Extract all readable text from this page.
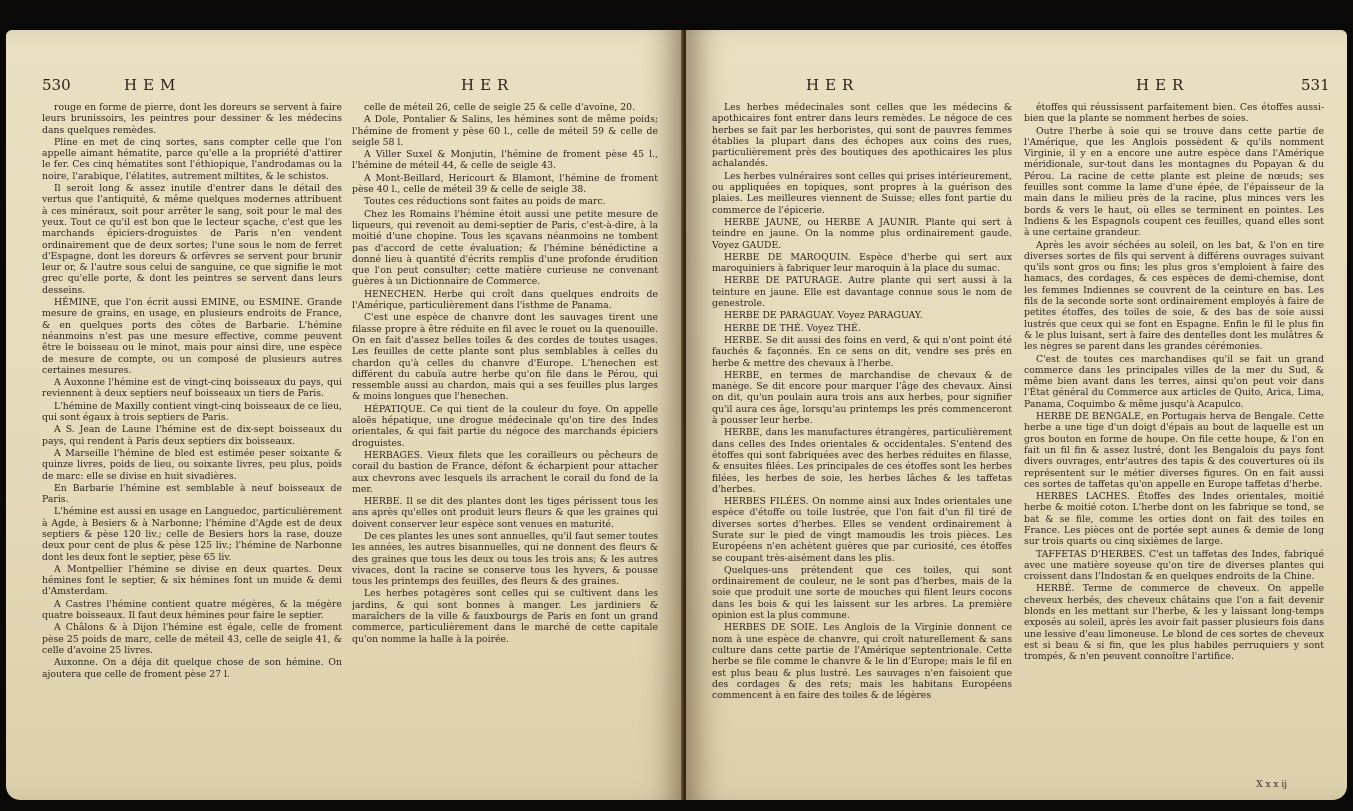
530	HEM	HER

rouge en forme de pierre, dont les doreurs se servent à faire leurs brunissoirs, les peintres pour dessiner & les médecins dans quelques remèdes.

Pline en met de cinq sortes, sans compter celle que l'on appelle aimant hématite, parce qu'elle a la propriété d'attirer le fer. Ces cinq hématites sont l'éthiopique, l'androdamas ou la noire, l'arabique, l'élatites, autrement miltites, & le schistos.

Il seroit long & assez inutile d'entrer dans le détail des vertus que l'antiquité, & même quelques modernes attribuent à ces minéraux, soit pour arrêter le sang, soit pour le mal des yeux. Tout ce qu'il est bon que le lecteur sçache, c'est que les marchands épiciers-droguistes de Paris n'en vendent ordinairement que de deux sortes; l'une sous le nom de ferret d'Espagne, dont les doreurs & orfèvres se servent pour brunir leur or, & l'autre sous celui de sanguine, ce que signifie le mot grec qu'elle porte, & dont les peintres se servent dans leurs desseins.

HÉMINE, que l'on écrit aussi EMINE, ou ESMINE. Grande mesure de grains, en usage, en plusieurs endroits de France, & en quelques ports des côtes de Barbarie. L'hémine néanmoins n'est pas une mesure effective, comme peuvent être le boisseau ou le minot, mais pour ainsi dire, une espèce de mesure de compte, ou un composé de plusieurs autres certaines mesures.

A Auxonne l'hémine est de vingt-cinq boisseaux du pays, qui reviennent à deux septiers neuf boisseaux un tiers de Paris.

L'hémine de Maxilly contient vingt-cinq boisseaux de ce lieu, qui sont égaux à trois septiers de Paris.

A S. Jean de Laune l'hémine est de dix-sept boisseaux du pays, qui rendent à Paris deux septiers dix boisseaux.

A Marseille l'hémine de bled est estimée peser soixante & quinze livres, poids de lieu, ou soixante livres, peu plus, poids de marc: elle se divise en huit sivadières.

En Barbarie l'hémine est semblable à neuf boisseaux de Paris.

L'hémine est aussi en usage en Languedoc, particulièrement à Agde, à Besiers & à Narbonne; l'hémine d'Agde est de deux septiers & pèse 120 liv.; celle de Besiers hors la rase, douze deux pour cent de plus & pèse 125 liv.; l'hémine de Narbonne dont les deux font le septier, pèse 65 liv.

A Montpellier l'hémine se divise en deux quartes. Deux hémines font le septier, & six hémines font un muide & demi d'Amsterdam.

A Castres l'hémine contient quatre mégères, & la mégère quatre boisseaux. Il faut deux hémines pour faire le septier.

A Châlons & à Dijon l'hémine est égale, celle de froment pèse 25 poids de marc, celle de méteil 43, celle de seigle 41, & celle d'avoine 25 livres.

Auxonne. On a déja dit quelque chose de son hémine. On ajoutera que celle de froment pèse 27 l.

celle de méteil 26, celle de seigle 25 & celle d'avoine, 20.

A Dole, Pontalier & Salins, les hémines sont de même poids; l'hémine de froment y pèse 60 l., celle de méteil 59 & celle de seigle 58 l.

A Viller Suxel & Monjutin, l'hémine de froment pèse 45 l., l'hémine de méteil 44, & celle de seigle 43.

A Mont-Beillard, Hericourt & Blamont, l'hémine de froment pèse 40 l., celle de méteil 39 & celle de seigle 38.

Toutes ces réductions sont faites au poids de marc.

Chez les Romains l'hémine étoit aussi une petite mesure de liqueurs, qui revenoit au demi-septier de Paris, c'est-à-dire, à la moitié d'une chopine. Tous les sçavans néanmoins ne tombent pas d'accord de cette évaluation; & l'hémine bénédictine a donné lieu à quantité d'écrits remplis d'une profonde érudition que l'on peut consulter; cette matière curieuse ne convenant guères à un Dictionnaire de Commerce.

HENECHEN. Herbe qui croît dans quelques endroits de l'Amérique, particulièrement dans l'isthme de Panama.

C'est une espèce de chanvre dont les sauvages tirent une filasse propre à être réduite en fil avec le rouet ou la quenouille. On en fait d'assez belles toiles & des cordes de toutes usages. Les feuilles de cette plante sont plus semblables à celles du chardon qu'à celles du chanvre d'Europe. L'henechen est différent du cabuïa autre herbe qu'on file dans le Pérou, qui ressemble aussi au chardon, mais qui a ses feuilles plus larges & moins longues que l'henechen.

HÉPATIQUE. Ce qui tient de la couleur du foye. On appelle aloës hépatique, une drogue médecinale qu'on tire des Indes orientales, & qui fait partie du négoce des marchands épiciers droguistes.

HERBAGES. Vieux filets que les corailleurs ou pêcheurs de corail du bastion de France, défont & écharpient pour attacher aux chevrons avec lesquels ils arrachent le corail du fond de la mer.

HERBE. Il se dit des plantes dont les tiges périssent tous les ans après qu'elles ont produit leurs fleurs & que les graines qui doivent conserver leur espèce sont venues en maturité.

De ces plantes les unes sont annuelles, qu'il faut semer toutes les années, les autres bisannuelles, qui ne donnent des fleurs & des graines que tous les deux ou tous les trois ans; & les autres vivaces, dont la racine se conserve tous les hyvers, & pousse tous les printemps des feuilles, des fleurs & des graines.

Les herbes potagères sont celles qui se cultivent dans les jardins, & qui sont bonnes à manger. Les jardiniers & maraîchers de la ville & fauxbourgs de Paris en font un grand commerce, particulièrement dans le marché de cette capitale qu'on nomme la halle à la poirée.

HER	HER	531

Les herbes médecinales sont celles que les médecins & apothicaires font entrer dans leurs remèdes. Le négoce de ces herbes se fait par les herboristes, qui sont de pauvres femmes établies la plupart dans des échopes aux coins des rues, particulièrement près des boutiques des apothicaires les plus achalandés.

Les herbes vulnéraires sont celles qui prises intérieurement, ou appliquées en topiques, sont propres à la guérison des plaies. Les meilleures viennent de Suisse; elles font partie du commerce de l'épicerie.

HERBE JAUNE, ou HERBE A JAUNIR. Plante qui sert à teindre en jaune. On la nomme plus ordinairement gaude. Voyez GAUDE.

HERBE DE MAROQUIN. Espèce d'herbe qui sert aux maroquiniers à fabriquer leur maroquin à la place du sumac.

HERBE DE PATURAGE. Autre plante qui sert aussi à la teinture en jaune. Elle est davantage connue sous le nom de genestrole.

HERBE DE PARAGUAY. Voyez PARAGUAY.

HERBE DE THÉ. Voyez THÉ.

HERBE. Se dit aussi des foins en verd, & qui n'ont point été fauchés & façonnés. En ce sens on dit, vendre ses prés en herbe & mettre des chevaux à l'herbe.

HERBE, en termes de marchandise de chevaux & de manège. Se dit encore pour marquer l'âge des chevaux. Ainsi on dit, qu'un poulain aura trois ans aux herbes, pour signifier qu'il aura ces âge, lorsqu'au printemps les prés commenceront à pousser leur herbe.

HERBE, dans les manufactures étrangères, particulièrement dans celles des Indes orientales & occidentales. S'entend des étoffes qui sont fabriquées avec des herbes réduites en filasse, & ensuites filées. Les principales de ces étoffes sont les herbes filées, les herbes de soie, les herbes lâches & les taffetas d'herbes.

HERBES FILÉES. On nomme ainsi aux Indes orientales une espèce d'étoffe ou toile lustrée, que l'on fait d'un fil tiré de diverses sortes d'herbes. Elles se vendent ordinairement à Surate sur le pied de vingt mamoudis les trois pièces. Les Européens n'en achètent guères que par curiosité, ces étoffes se coupant très-aisément dans les plis.

Quelques-uns prétendent que ces toiles, qui sont ordinairement de couleur, ne le sont pas d'herbes, mais de la soie que produit une sorte de mouches qui filent leurs cocons dans les bois & qui les laissent sur les arbres. La première opinion est la plus commune.

HERBES DE SOIE. Les Anglois de la Virginie donnent ce nom à une espèce de chanvre, qui croît naturellement & sans culture dans cette partie de l'Amérique septentrionale. Cette herbe se file comme le chanvre & le lin d'Europe; mais le fil en est plus beau & plus lustré. Les sauvages n'en faisoient que des cordages & des rets; mais les habitans Européens commencent à en faire des toiles & de légères

étoffes qui réussissent parfaitement bien. Ces étoffes aussi-bien que la plante se nomment herbes de soies.

Outre l'herbe à soie qui se trouve dans cette partie de l'Amérique, que les Anglois possèdent & qu'ils nomment Virginie, il y en a encore une autre espèce dans l'Amérique méridionale, sur-tout dans les montagnes du Popayan & du Pérou. La racine de cette plante est pleine de nœuds; ses feuilles sont comme la lame d'une épée, de l'épaisseur de la main dans le milieu près de la racine, plus minces vers les bords & vers le haut, où elles se terminent en pointes. Les Indiens & les Espagnols coupent ces feuilles, quand elles sont à une certaine grandeur.

Après les avoir séchées au soleil, on les bat, & l'on en tire diverses sortes de fils qui servent à différens ouvrages suivant qu'ils sont gros ou fins; les plus gros s'emploient à faire des hamacs, des cordages, & ces espèces de demi-chemise, dont les femmes Indiennes se couvrent de la ceinture en bas. Les fils de la seconde sorte sont ordinairement employés à faire de petites étoffes, des toiles de soie, & des bas de soie aussi lustrés que ceux qui se font en Espagne. Enfin le fil le plus fin & le plus luisant, sert à faire des dentelles dont les mulâtres & les nègres se parent dans les grandes cérémonies.

C'est de toutes ces marchandises qu'il se fait un grand commerce dans les principales villes de la mer du Sud, & même bien avant dans les terres, ainsi qu'on peut voir dans l'État général du Commerce aux articles de Quito, Arica, Lima, Panama, Coquimbo & même jusqu'à Acapulco.

HERBE DE BENGALE, en Portugais herva de Bengale. Cette herbe a une tige d'un doigt d'épais au bout de laquelle est un gros bouton en forme de houpe. On file cette houpe, & l'on en fait un fil fin & assez lustré, dont les Bengalois du pays font divers ouvrages, entr'autres des tapis & des couvertures où ils représentent sur le métier diverses figures. On en fait aussi ces sortes de taffetas qu'on appelle en Europe taffetas d'herbe.

HERBES LACHES. Étoffes des Indes orientales, moitié herbe & moitié coton. L'herbe dont on les fabrique se tond, se bat & se file, comme les orties dont on fait des toiles en France. Les pièces ont de portée sept aunes & demie de long sur trois quarts ou cinq sixièmes de large.

TAFFETAS D'HERBES. C'est un taffetas des Indes, fabriqué avec une matière soyeuse qu'on tire de diverses plantes qui croissent dans l'Indostan & en quelques endroits de la Chine.

HERBÉ. Terme de commerce de cheveux. On appelle cheveux herbés, des cheveux châtains que l'on a fait devenir blonds en les mettant sur l'herbe, & les y laissant long-temps exposés au soleil, après les avoir fait passer plusieurs fois dans une lessive d'eau limoneuse. Le blond de ces sortes de cheveux est si beau & si fin, que les plus habiles perruquiers y sont trompés, & n'en peuvent connoître l'artifice.

X x x ij
